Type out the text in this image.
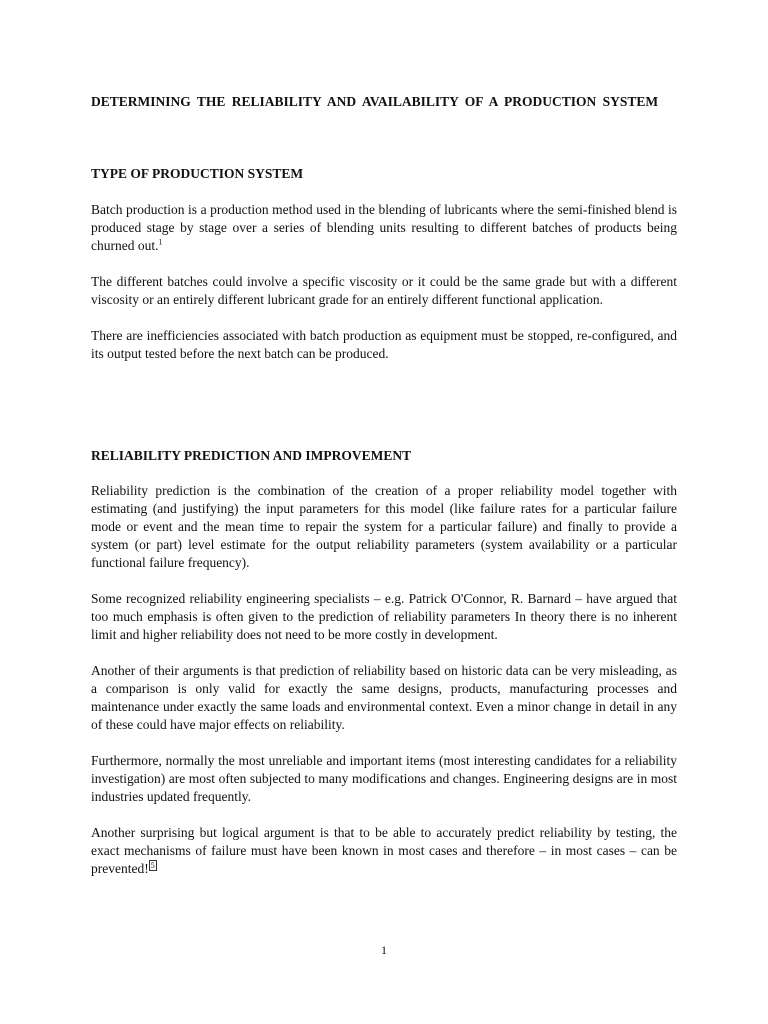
DETERMINING THE RELIABILITY AND AVAILABILITY OF A PRODUCTION SYSTEM
TYPE OF PRODUCTION SYSTEM

Batch production is a production method used in the blending of lubricants where the semi-finished blend is produced stage by stage over a series of blending units resulting to different batches of products being churned out.$^1$

The different batches could involve a specific viscosity or it could be the same grade but with a different viscosity or an entirely different lubricant grade for an entirely different functional application.

There are inefficiencies associated with batch production as equipment must be stopped, re-configured, and its output tested before the next batch can be produced.

RELIABILITY PREDICTION AND IMPROVEMENT

Reliability prediction is the combination of the creation of a proper reliability model together with estimating (and justifying) the input parameters for this model (like failure rates for a particular failure mode or event and the mean time to repair the system for a particular failure) and finally to provide a system (or part) level estimate for the output reliability parameters (system availability or a particular functional failure frequency).

Some recognized reliability engineering specialists – e.g. Patrick O'Connor, R. Barnard – have argued that too much emphasis is often given to the prediction of reliability parameters In theory there is no inherent limit and higher reliability does not need to be more costly in development.

Another of their arguments is that prediction of reliability based on historic data can be very misleading, as a comparison is only valid for exactly the same designs, products, manufacturing processes and maintenance under exactly the same loads and environmental context. Even a minor change in detail in any of these could have major effects on reliability.

Furthermore, normally the most unreliable and important items (most interesting candidates for a reliability investigation) are most often subjected to many modifications and changes. Engineering designs are in most industries updated frequently.

Another surprising but logical argument is that to be able to accurately predict reliability by testing, the exact mechanisms of failure must have been known in most cases and therefore – in most cases – can be prevented! $^5$

1
